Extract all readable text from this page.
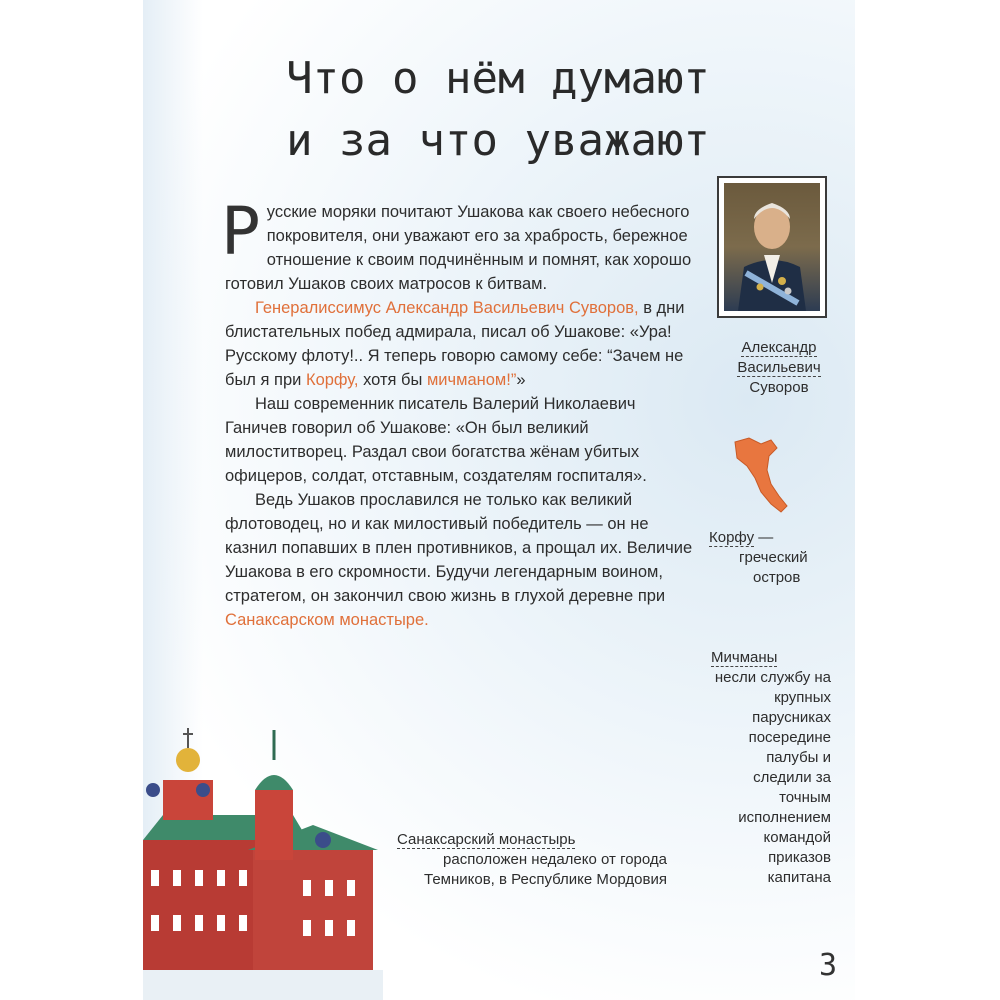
Что о нём думают
и за что уважают

Русские моряки почитают Ушакова как своего небесного покровителя, они уважают его за храбрость, бережное отношение к своим подчинённым и помнят, как хорошо готовил Ушаков своих матросов к битвам.

Генералиссимус Александр Васильевич Суворов, в дни блистательных побед адмирала, писал об Ушакове: «Ура! Русскому флоту!.. Я теперь говорю самому себе: “Зачем не был я при Корфу, хотя бы мичманом!”»

Наш современник писатель Валерий Николаевич Ганичев говорил об Ушакове: «Он был великий милоститворец. Раздал свои богатства жёнам убитых офицеров, солдат, отставным, создателям госпиталя».

Ведь Ушаков прославился не только как великий флотоводец, но и как милостивый победитель — он не казнил попавших в плен противников, а прощал их. Величие Ушакова в его скромности. Будучи легендарным воином, стратегом, он закончил свою жизнь в глухой деревне при Санаксарском монастыре.

Александр
Васильевич
Суворов
Корфу —
греческий
остров
Мичманы
несли службу на крупных парусниках посередине палубы и следили за точным исполнением командой приказов капитана
Санаксарский монастырь
расположен недалеко от города Темников, в Республике Мордовия
3
